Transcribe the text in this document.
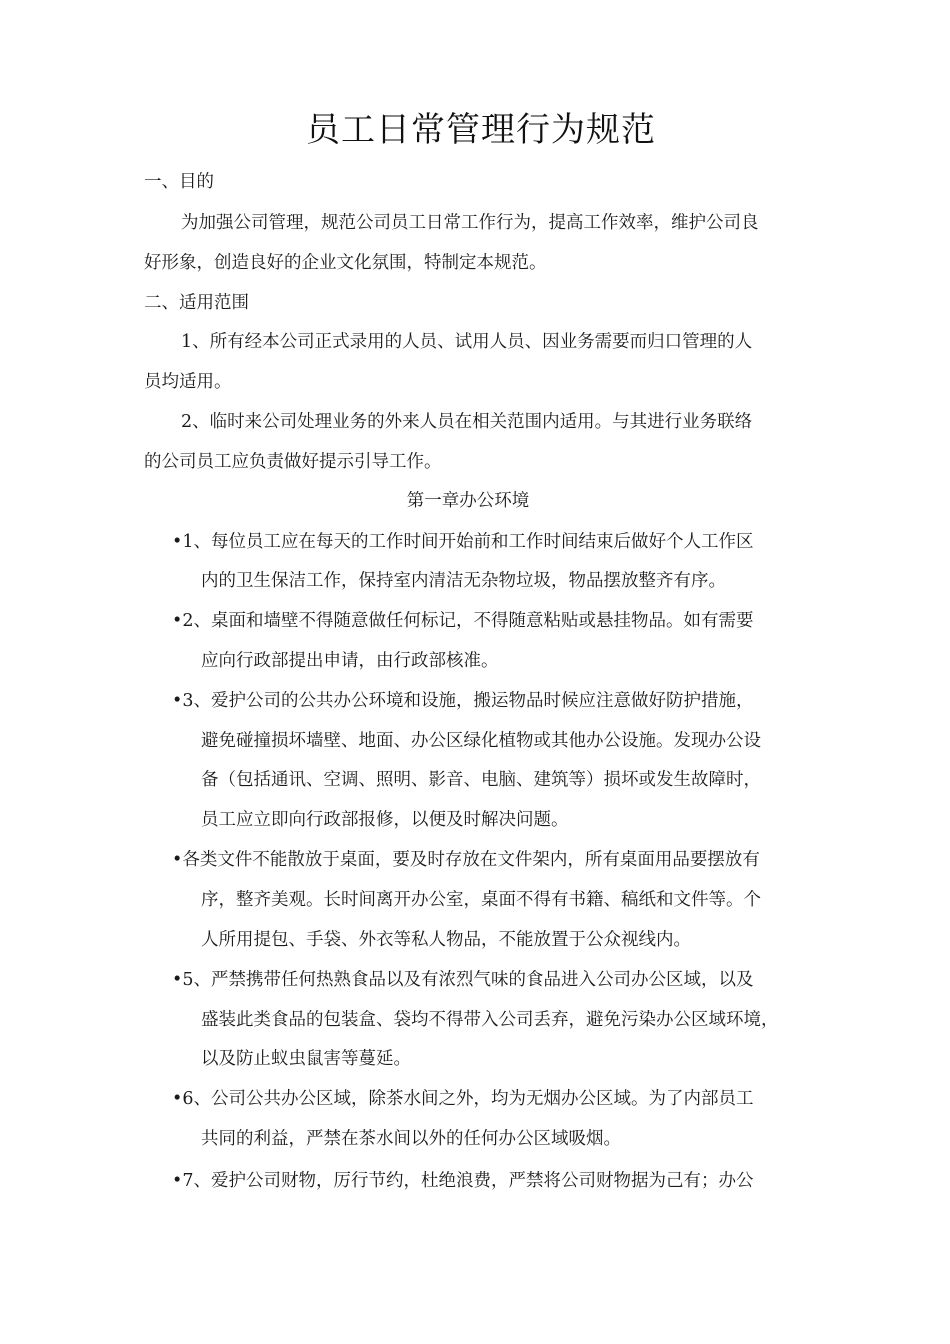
员工日常管理行为规范
一、目的
为加强公司管理，规范公司员工日常工作行为，提高工作效率，维护公司良
好形象，创造良好的企业文化氛围，特制定本规范。
二、适用范围
1、所有经本公司正式录用的人员、试用人员、因业务需要而归口管理的人
员均适用。
2、临时来公司处理业务的外来人员在相关范围内适用。与其进行业务联络
的公司员工应负责做好提示引导工作。
第一章办公环境
•1、每位员工应在每天的工作时间开始前和工作时间结束后做好个人工作区
内的卫生保洁工作，保持室内清洁无杂物垃圾，物品摆放整齐有序。
•2、桌面和墙壁不得随意做任何标记，不得随意粘贴或悬挂物品。如有需要
应向行政部提出申请，由行政部核准。
•3、爱护公司的公共办公环境和设施，搬运物品时候应注意做好防护措施，
避免碰撞损坏墙壁、地面、办公区绿化植物或其他办公设施。发现办公设
备（包括通讯、空调、照明、影音、电脑、建筑等）损坏或发生故障时，
员工应立即向行政部报修，以便及时解决问题。
•各类文件不能散放于桌面，要及时存放在文件架内，所有桌面用品要摆放有
序，整齐美观。长时间离开办公室，桌面不得有书籍、稿纸和文件等。个
人所用提包、手袋、外衣等私人物品，不能放置于公众视线内。
•5、严禁携带任何热熟食品以及有浓烈气味的食品进入公司办公区域，以及
盛装此类食品的包装盒、袋均不得带入公司丢弃，避免污染办公区域环境，
以及防止蚁虫鼠害等蔓延。
•6、公司公共办公区域，除茶水间之外，均为无烟办公区域。为了内部员工
共同的利益，严禁在茶水间以外的任何办公区域吸烟。
•7、爱护公司财物，厉行节约，杜绝浪费，严禁将公司财物据为己有；办公
